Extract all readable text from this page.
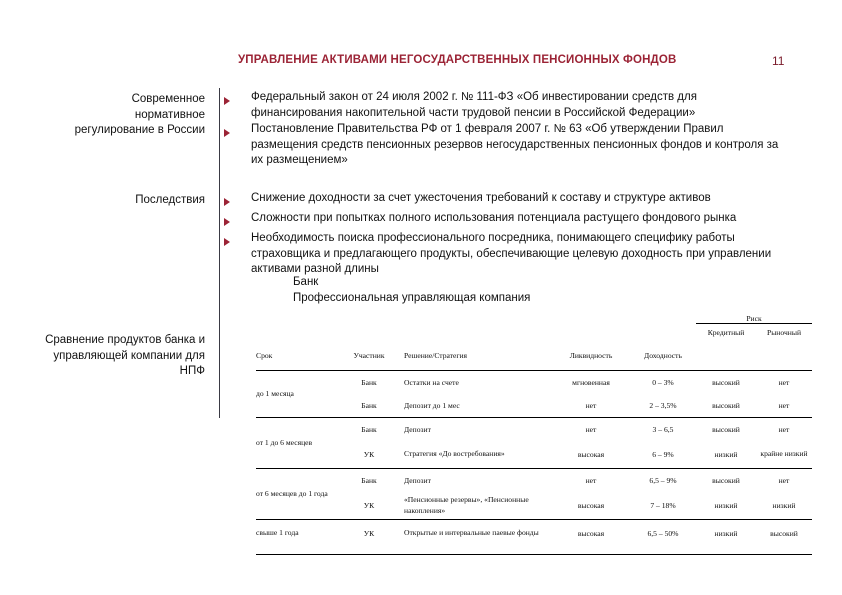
УПРАВЛЕНИЕ АКТИВАМИ НЕГОСУДАРСТВЕННЫХ ПЕНСИОННЫХ ФОНДОВ	11
Современное нормативное регулирование в России
Последствия
Сравнение продуктов банка и управляющей компании для НПФ
Федеральный закон от 24 июля 2002 г. № 111-ФЗ «Об инвестировании средств для финансирования накопительной части трудовой пенсии в Российской Федерации»
Постановление Правительства РФ от 1 февраля 2007 г. № 63 «Об утверждении Правил размещения средств пенсионных резервов негосударственных пенсионных фондов и контроля за их размещением»
Снижение доходности за счет ужесточения требований к составу и структуре активов
Сложности при попытках полного использования потенциала растущего фондового рынка
Необходимость поиска профессионального посредника, понимающего специфику работы страховщика и предлагающего продукты, обеспечивающие целевую доходность при управлении активами разной длины
Банк
Профессиональная управляющая компания
					Риск	
					Кредитный	Рыночный
Срок	Участник	Решение/Стратегия	Ликвидность	Доходность		
до 1 месяца	Банк	Остатки на счете	мгновенная	0 – 3%	высокий	нет
	Банк	Депозит до 1 мес	нет	2 – 3,5%	высокий	нет
от 1 до 6 месяцев	Банк	Депозит	нет	3 – 6,5	высокий	нет
	УК	Стратегия «До востребования»	высокая	6 – 9%	низкий	крайне низкий
от 6 месяцев до 1 года	Банк	Депозит	нет	6,5 – 9%	высокий	нет
	УК	«Пенсионные резервы», «Пенсионные накопления»	высокая	7 – 18%	низкий	низкий
свыше 1 года	УК	Открытые и интервальные паевые фонды	высокая	6,5 – 50%	низкий	высокий
